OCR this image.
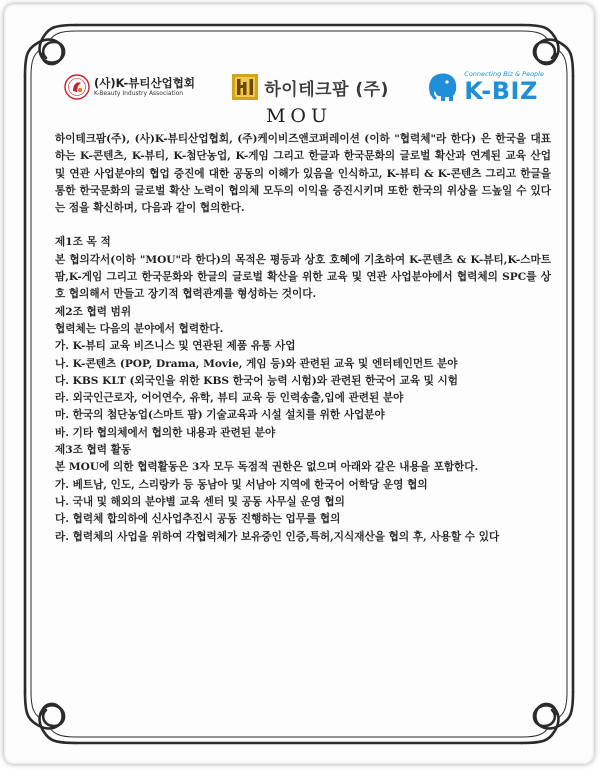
(사)K-뷰티산업협회
K-Beauty Industry Association	하이테크팜 (주)
Connecting Biz & People
K-BIZ
MOU

하이테크팜(주), (사)K-뷰티산업협회, (주)케이비즈앤코퍼레이션 (이하 "협력체"라 한다) 은 한국을 대표하는 K-콘텐츠, K-뷰티, K-첨단농업, K-게임 그리고 한글과 한국문화의 글로벌 확산과 연계된 교육 산업 및 연관 사업분야의 협업 증진에 대한 공동의 이해가 있음을 인식하고, K-뷰티 & K-콘텐츠 그리고 한글을 통한 한국문화의 글로벌 확산 노력이 협의체 모두의 이익을 증진시키며 또한 한국의 위상을 드높일 수 있다는 점을 확신하며, 다음과 같이 협의한다.

제1조 목 적

본 협의각서(이하 "MOU"라 한다)의 목적은 평등과 상호 호혜에 기초하여 K-콘텐츠 & K-뷰티,K-스마트 팜,K-게임 그리고 한국문화와 한글의 글로벌 확산을 위한 교육 및 연관 사업분야에서 협력체의 SPC를 상호 협의해서 만들고 장기적 협력관계를 형성하는 것이다.

제2조 협력 범위

협력체는 다음의 분야에서 협력한다.

가. K-뷰티 교육 비즈니스 및 연관된 제품 유통 사업

나. K-콘텐츠 (POP, Drama, Movie, 게임 등)와 관련된 교육 및 엔터테인먼트 분야

다. KBS KLT (외국인을 위한 KBS 한국어 능력 시험)와 관련된 한국어 교육 및 시험

라. 외국인근로자, 어어연수, 유학, 뷰티 교육 등 인력송출,입에 관련된 분야

마. 한국의 첨단농업(스마트 팜) 기술교육과 시설 설치를 위한 사업분야

바. 기타 협의체에서 협의한 내용과 관련된 분야

제3조 협력 활동

본 MOU에 의한 협력활동은 3자 모두 독점적 권한은 없으며 아래와 같은 내용을 포함한다.

가. 베트남, 인도, 스리랑카 등 동남아 및 서남아 지역에 한국어 어학당 운영 협의

나. 국내 및 해외의 분야별 교육 센터 및 공동 사무실 운영 협의

다. 협력체 합의하에 신사업추진시 공동 진행하는 업무를 협의

라. 협력체의 사업을 위하여 각협력체가 보유중인 인증,특허,지식재산을 협의 후, 사용할 수 있다
